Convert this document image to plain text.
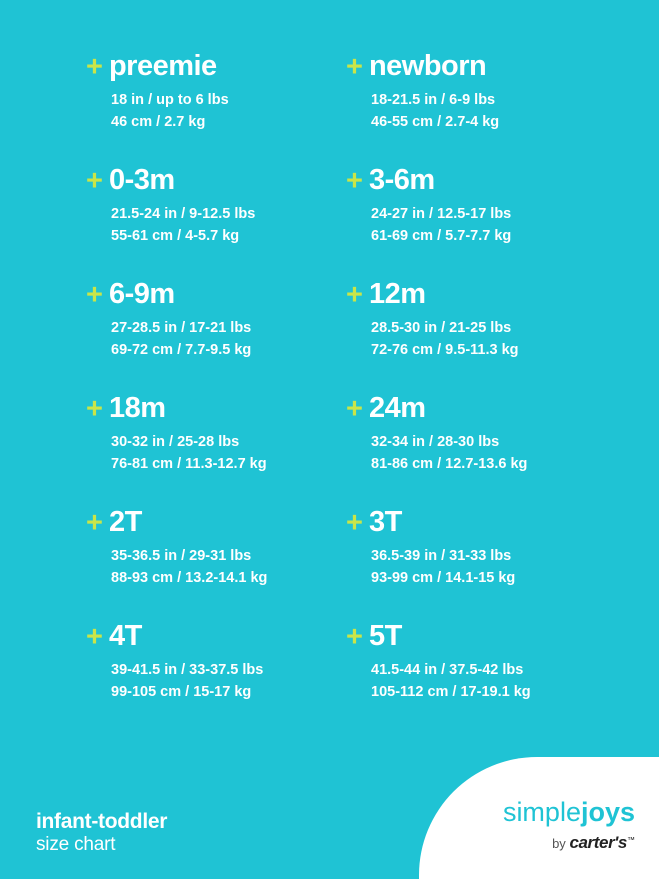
+ preemie
18 in / up to 6 lbs
46 cm / 2.7 kg
+ newborn
18-21.5 in / 6-9 lbs
46-55 cm / 2.7-4 kg
+ 0-3m
21.5-24 in / 9-12.5 lbs
55-61 cm / 4-5.7 kg
+ 3-6m
24-27 in / 12.5-17 lbs
61-69 cm / 5.7-7.7 kg
+ 6-9m
27-28.5 in / 17-21 lbs
69-72 cm / 7.7-9.5 kg
+ 12m
28.5-30 in / 21-25 lbs
72-76 cm / 9.5-11.3 kg
+ 18m
30-32 in / 25-28 lbs
76-81 cm / 11.3-12.7 kg
+ 24m
32-34 in / 28-30 lbs
81-86 cm / 12.7-13.6 kg
+ 2T
35-36.5 in / 29-31 lbs
88-93 cm / 13.2-14.1 kg
+ 3T
36.5-39 in / 31-33 lbs
93-99 cm / 14.1-15 kg
+ 4T
39-41.5 in / 33-37.5 lbs
99-105 cm / 15-17 kg
+ 5T
41.5-44 in / 37.5-42 lbs
105-112 cm / 17-19.1 kg
infant-toddler
size chart
simplejoys
by carter's™
